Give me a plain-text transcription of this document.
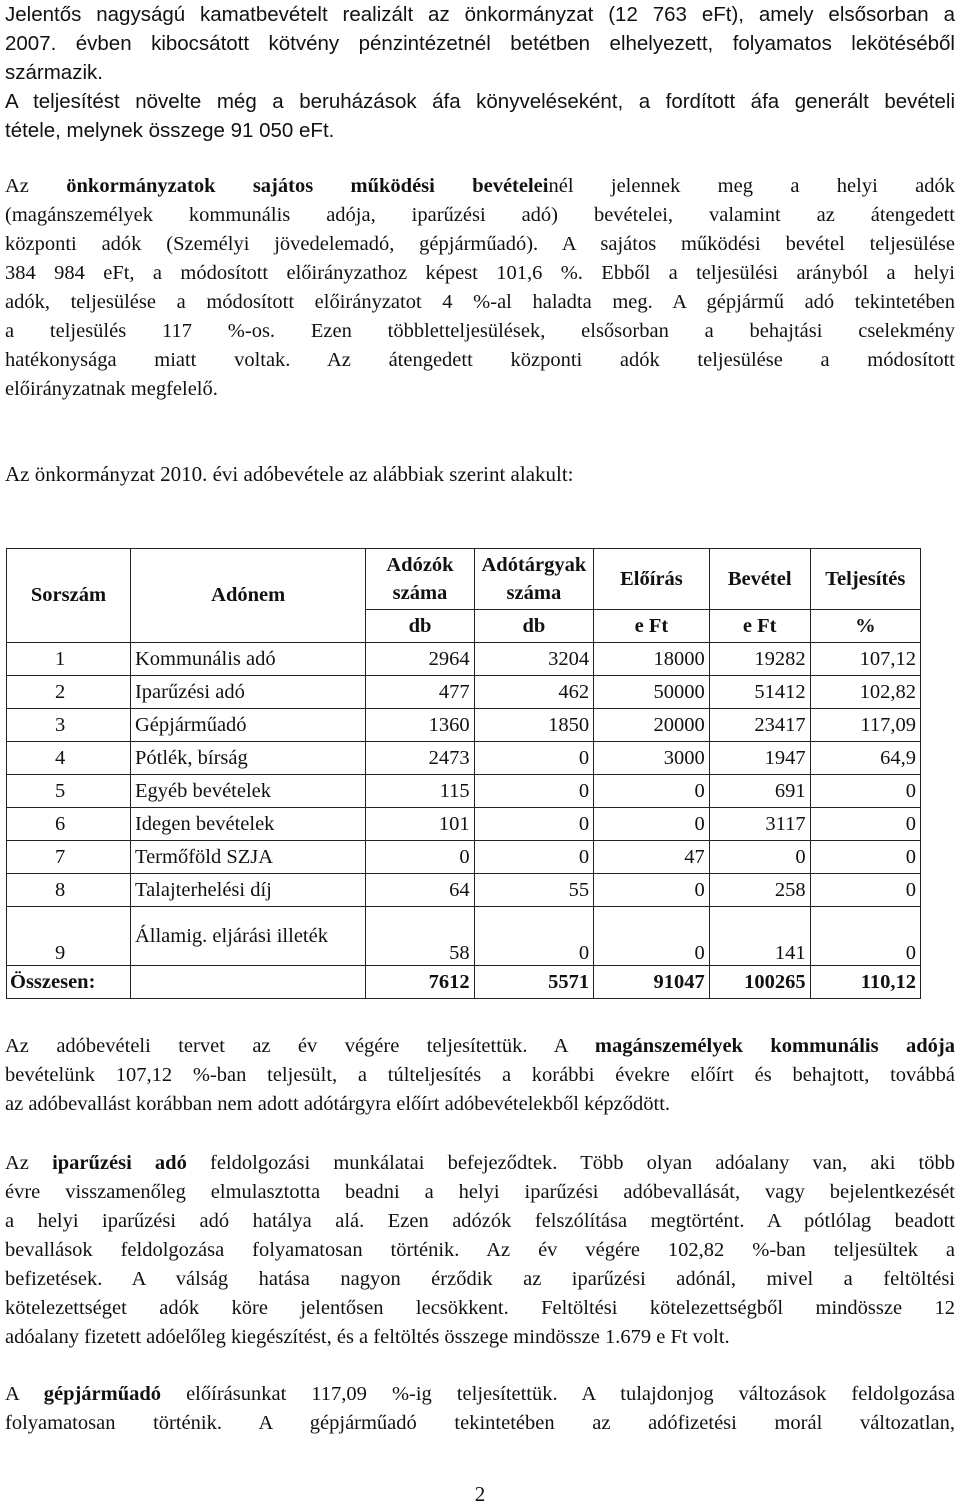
Jelentős nagyságú kamatbevételt realizált az önkormányzat (12 763 eFt), amely elsősorban a
2007. évben kibocsátott kötvény pénzintézetnél betétben elhelyezett, folyamatos lekötéséből
származik.
A teljesítést növelte még a beruházások áfa könyveléseként, a fordított áfa generált bevételi
tétele, melynek összege 91 050 eFt.
Az önkormányzatok sajátos működési bevételeinél jelennek meg a helyi adók
(magánszemélyek kommunális adója, iparűzési adó) bevételei, valamint az átengedett
központi adók (Személyi jövedelemadó, gépjárműadó). A sajátos működési bevétel teljesülése
384 984 eFt, a módosított előirányzathoz képest 101,6 %. Ebből a teljesülési arányból a helyi
adók, teljesülése a módosított előirányzatot 4 %-al haladta meg. A gépjármű adó tekintetében
a teljesülés 117 %-os. Ezen többletteljesülések, elsősorban a behajtási cselekmény
hatékonysága miatt voltak. Az átengedett központi adók teljesülése a módosított
előirányzatnak megfelelő.
Az önkormányzat 2010. évi adóbevétele az alábbiak szerint alakult:
Sorszám	Adónem	Adózók száma	Adótárgyak száma	Előírás	Bevétel	Teljesítés
		db	db	e Ft	e Ft	%
1	Kommunális adó	2964	3204	18000	19282	107,12
2	Iparűzési adó	477	462	50000	51412	102,82
3	Gépjárműadó	1360	1850	20000	23417	117,09
4	Pótlék, bírság	2473	0	3000	1947	64,9
5	Egyéb bevételek	115	0	0	691	0
6	Idegen bevételek	101	0	0	3117	0
7	Termőföld SZJA	0	0	47	0	0
8	Talajterhelési díj	64	55	0	258	0
9	Államig. eljárási illeték	58	0	0	141	0
Összesen:		7612	5571	91047	100265	110,12
Az adóbevételi tervet az év végére teljesítettük. A magánszemélyek kommunális adója
bevételünk 107,12 %-ban teljesült, a túlteljesítés a korábbi évekre előírt és behajtott, továbbá
az adóbevallást korábban nem adott adótárgyra előírt adóbevételekből képződött.
Az iparűzési adó feldolgozási munkálatai befejeződtek. Több olyan adóalany van, aki több
évre visszamenőleg elmulasztotta beadni a helyi iparűzési adóbevallását, vagy bejelentkezését
a helyi iparűzési adó hatálya alá. Ezen adózók felszólítása megtörtént. A pótlólag beadott
bevallások feldolgozása folyamatosan történik. Az év végére 102,82 %-ban teljesültek a
befizetések. A válság hatása nagyon érződik az iparűzési adónál, mivel a feltöltési
kötelezettséget adók köre jelentősen lecsökkent. Feltöltési kötelezettségből mindössze 12
adóalany fizetett adóelőleg kiegészítést, és a feltöltés összege mindössze 1.679 e Ft volt.
A gépjárműadó előírásunkat 117,09 %-ig teljesítettük. A tulajdonjog változások feldolgozása
folyamatosan történik. A gépjárműadó tekintetében az adófizetési morál változatlan,
2
